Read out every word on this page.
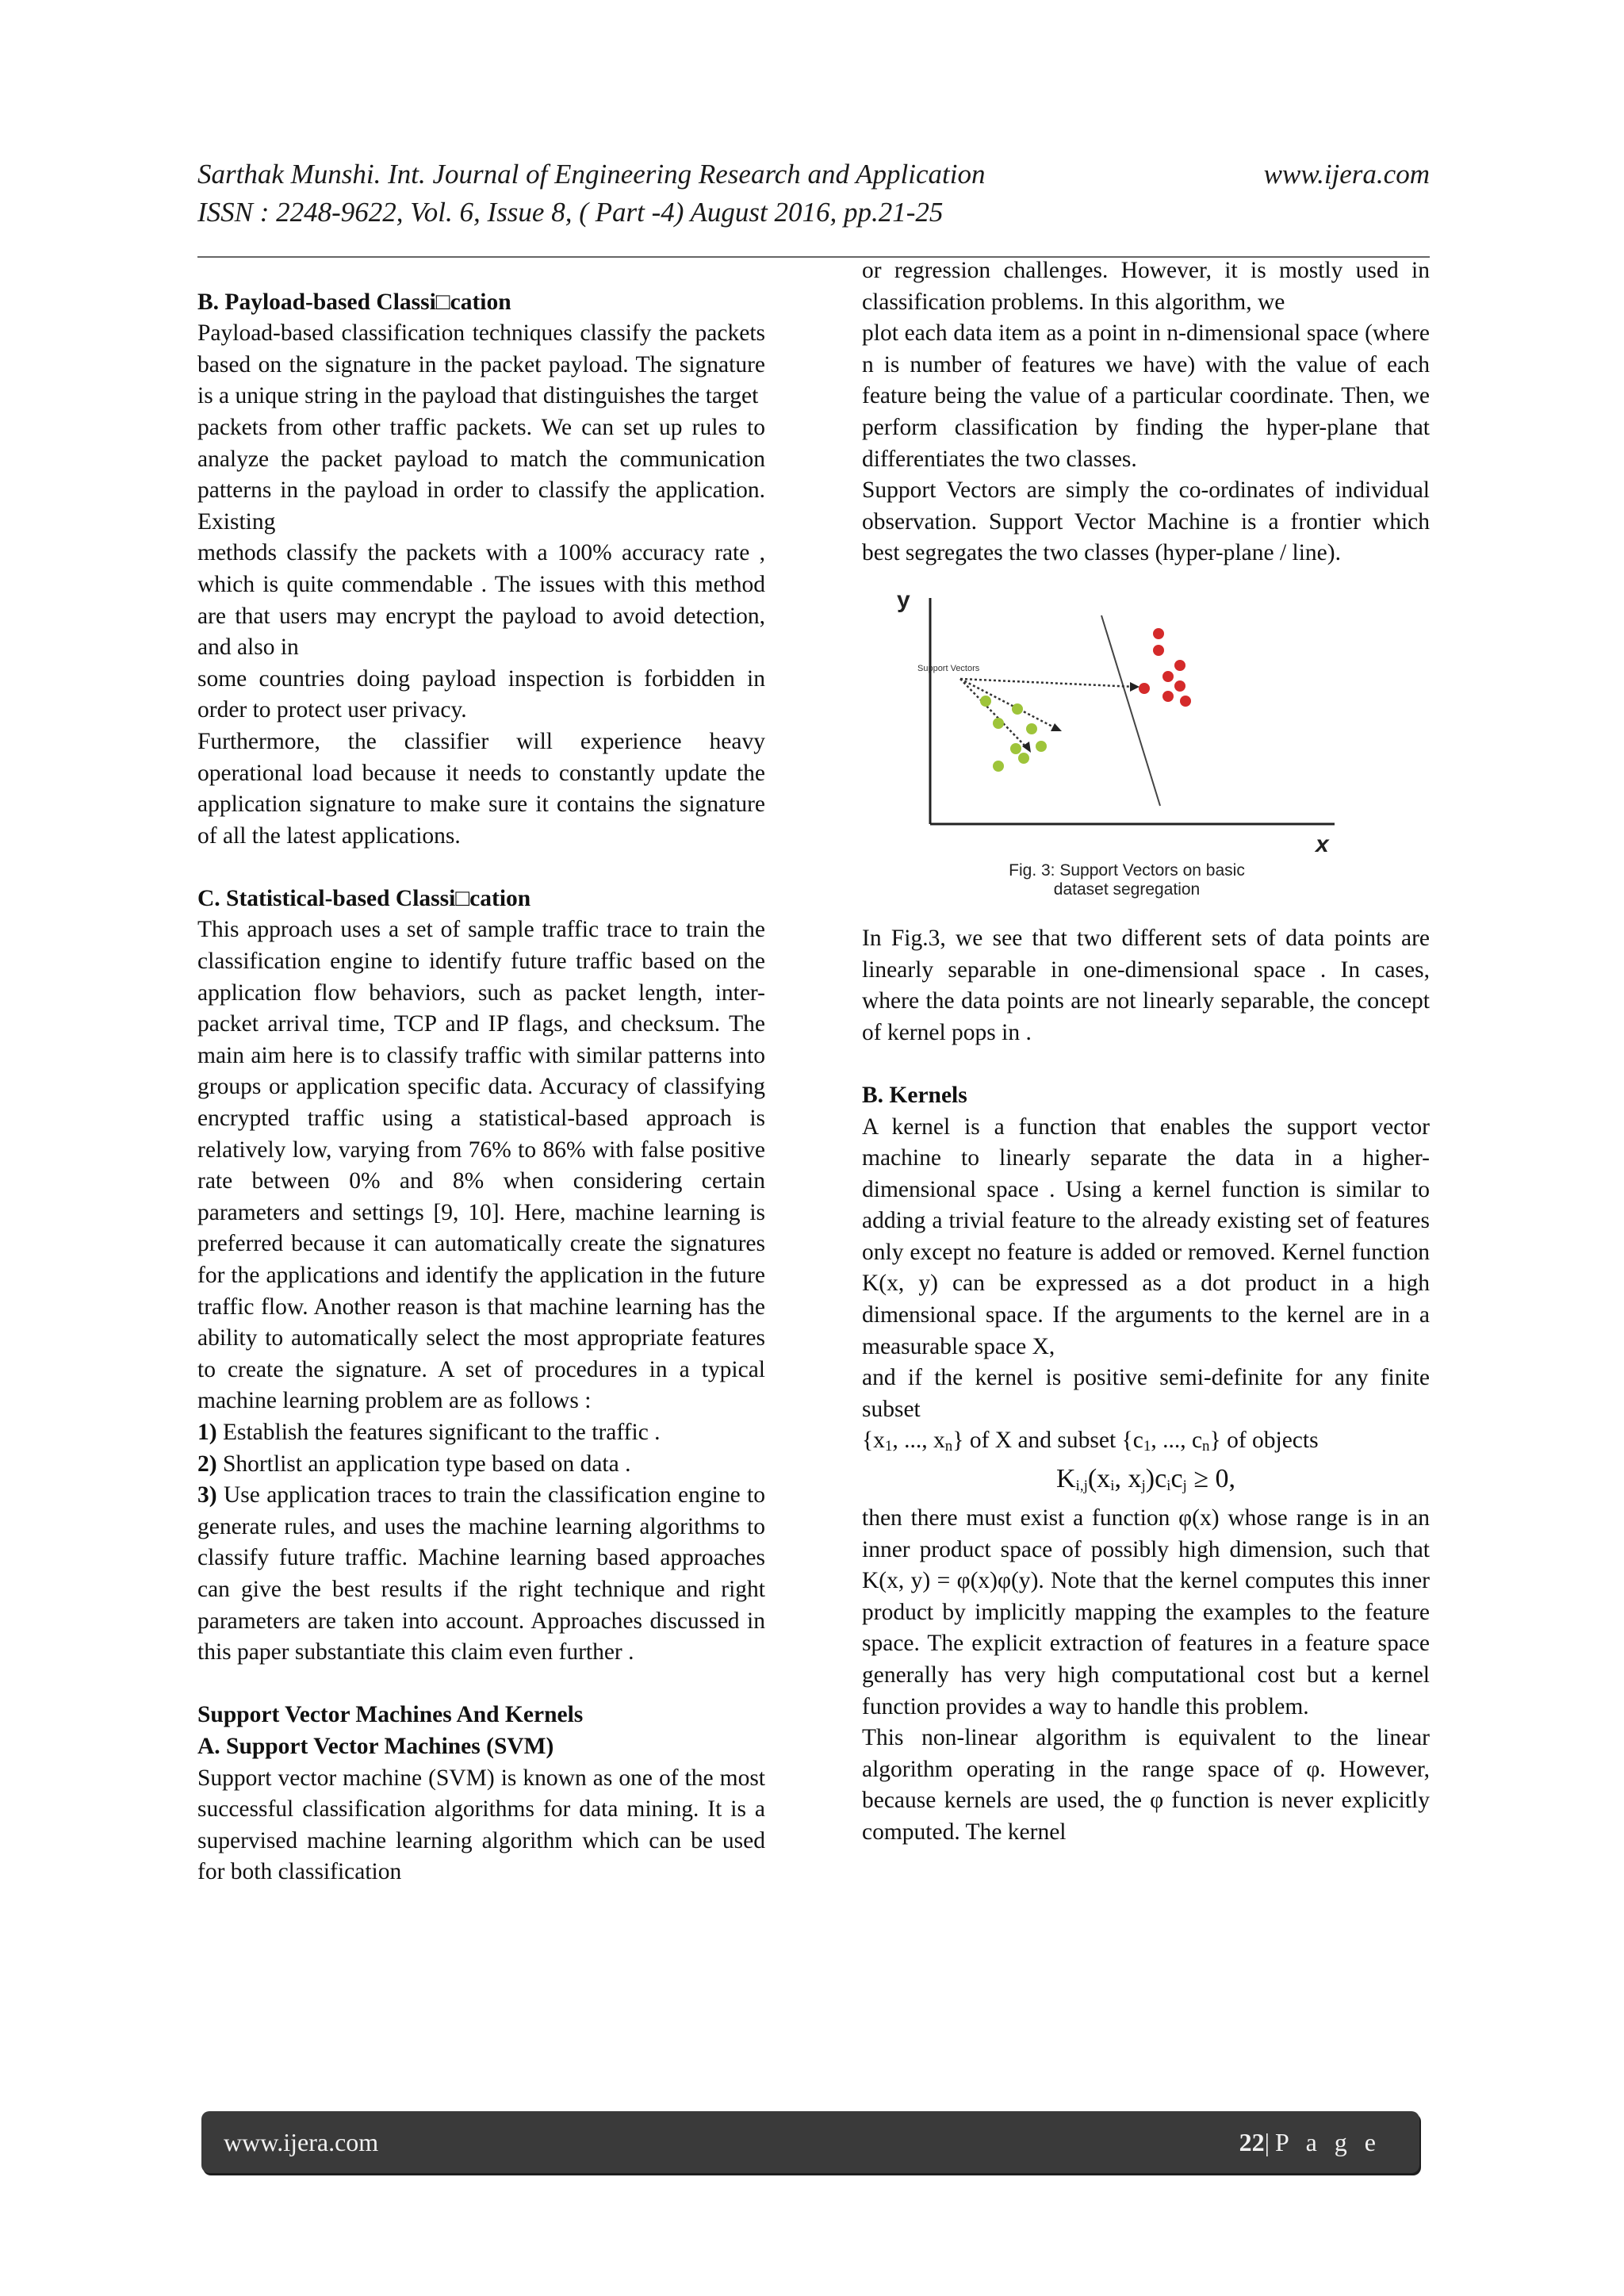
Sarthak Munshi. Int. Journal of Engineering Research and Application	www.ijera.com
ISSN : 2248-9622, Vol. 6, Issue 8, ( Part -4) August 2016, pp.21-25

B. Payload-based Classi□cation

Payload-based classification techniques classify the packets based on the signature in the packet payload. The signature is a unique string in the payload that distinguishes the target

packets from other traffic packets. We can set up rules to analyze the packet payload to match the communication patterns in the payload in order to classify the application. Existing

methods classify the packets with a 100% accuracy rate , which is quite commendable . The issues with this method are that users may encrypt the payload to avoid detection, and also in

some countries doing payload inspection is forbidden in order to protect user privacy.

Furthermore, the classifier will experience heavy operational load because it needs to constantly update the application signature to make sure it contains the signature of all the latest applications.

C. Statistical-based Classi□cation

This approach uses a set of sample traffic trace to train the classification engine to identify future traffic based on the application flow behaviors, such as packet length, inter- packet arrival time, TCP and IP flags, and checksum. The main aim here is to classify traffic with similar patterns into groups or application specific data. Accuracy of classifying encrypted traffic using a statistical-based approach is relatively low, varying from 76% to 86% with false positive rate between 0% and 8% when considering certain parameters and settings [9, 10]. Here, machine learning is preferred because it can automatically create the signatures for the applications and identify the application in the future traffic flow. Another reason is that machine learning has the ability to automatically select the most appropriate features to create the signature. A set of procedures in a typical machine learning problem are as follows :

1) Establish the features significant to the traffic .

2) Shortlist an application type based on data .

3) Use application traces to train the classification engine to generate rules, and uses the machine learning algorithms to classify future traffic. Machine learning based approaches can give the best results if the right technique and right parameters are taken into account. Approaches discussed in this paper substantiate this claim even further .

Support Vector Machines And Kernels

A. Support Vector Machines (SVM)

Support vector machine (SVM) is known as one of the most successful classification algorithms for data mining. It is a supervised machine learning algorithm which can be used for both classification

or regression challenges. However, it is mostly used in classification problems. In this algorithm, we

plot each data item as a point in n-dimensional space (where n is number of features we have) with the value of each feature being the value of a particular coordinate. Then, we perform classification by finding the hyper-plane that differentiates the two classes.

Support Vectors are simply the co-ordinates of individual observation. Support Vector Machine is a frontier which best segregates the two classes (hyper-plane / line).

y
x
Support Vectors
Fig. 3: Support Vectors on basic
dataset segregation

In Fig.3, we see that two different sets of data points are linearly separable in one-dimensional space . In cases, where the data points are not linearly separable, the concept of kernel pops in .

B. Kernels

A kernel is a function that enables the support vector machine to linearly separate the data in a higher-dimensional space . Using a kernel function is similar to adding a trivial feature to the already existing set of features only except no feature is added or removed. Kernel function K(x, y) can be expressed as a dot product in a high dimensional space. If the arguments to the kernel are in a measurable space X,

and if the kernel is positive semi-definite for any finite subset

{$x_1$, ..., $x_n$} of X and subset {$c_1$, ..., $c_n$} of objects

$K_{i,j}(x_i$, $x_j)c_ic_j \ge 0$,

then there must exist a function φ(x) whose range is in an inner product space of possibly high dimension, such that K(x, y) = φ(x)φ(y). Note that the kernel computes this inner product by implicitly mapping the examples to the feature space. The explicit extraction of features in a feature space generally has very high computational cost but a kernel function provides a way to handle this problem.

This non-linear algorithm is equivalent to the linear algorithm operating in the range space of φ. However, because kernels are used, the φ function is never explicitly computed. The kernel

www.ijera.com	22|P a g e
